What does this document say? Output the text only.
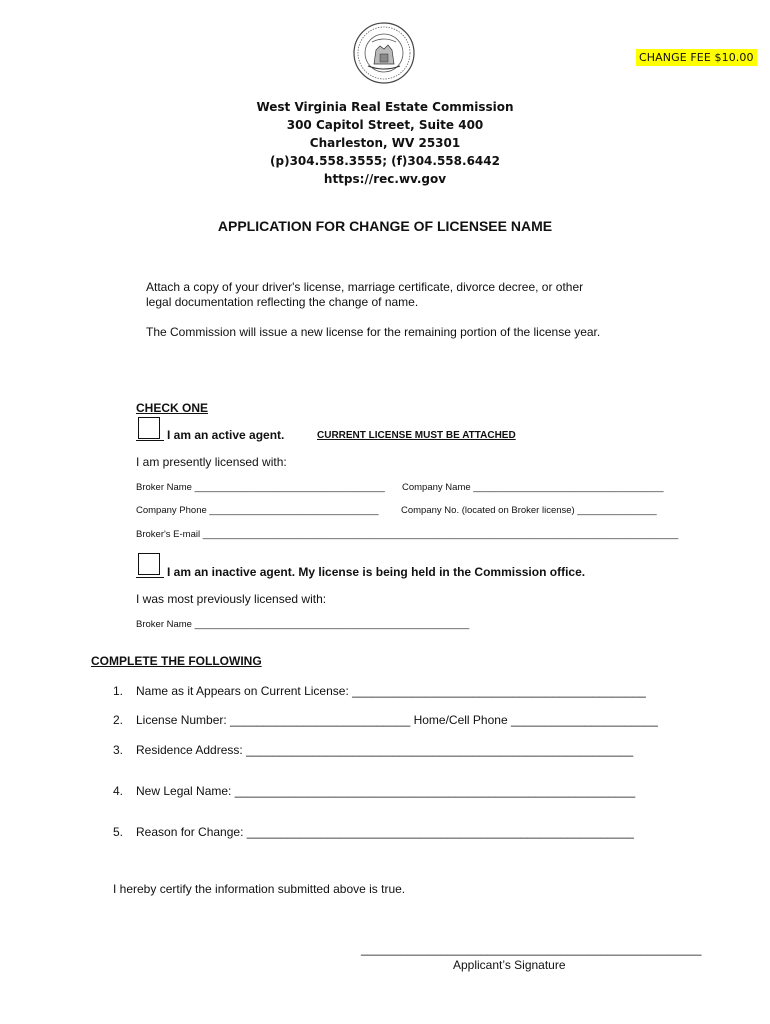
CHANGE FEE $10.00
West Virginia Real Estate Commission
300 Capitol Street, Suite 400
Charleston, WV 25301
(p)304.558.3555; (f)304.558.6442
https://rec.wv.gov
APPLICATION FOR CHANGE OF LICENSEE NAME
Attach a copy of your driver's license, marriage certificate, divorce decree, or other
legal documentation reflecting the change of name.
The Commission will issue a new license for the remaining portion of the license year.
CHECK ONE
I am an active agent.	CURRENT LICENSE MUST BE ATTACHED
I am presently licensed with:
Broker Name ____________________________________ Company Name ____________________________________
Company Phone ________________________________ Company No. (located on Broker license) _______________
Broker's E-mail __________________________________________________________________________________________
I am an inactive agent. My license is being held in the Commission office.
I was most previously licensed with:
Broker Name ____________________________________________________
COMPLETE THE FOLLOWING
1. Name as it Appears on Current License: ____________________________________________
2. License Number: ___________________________ Home/Cell Phone ______________________
3. Residence Address: __________________________________________________________
4. New Legal Name: ____________________________________________________________
5. Reason for Change: __________________________________________________________
I hereby certify the information submitted above is true.
___________________________________________________
Applicant’s Signature
